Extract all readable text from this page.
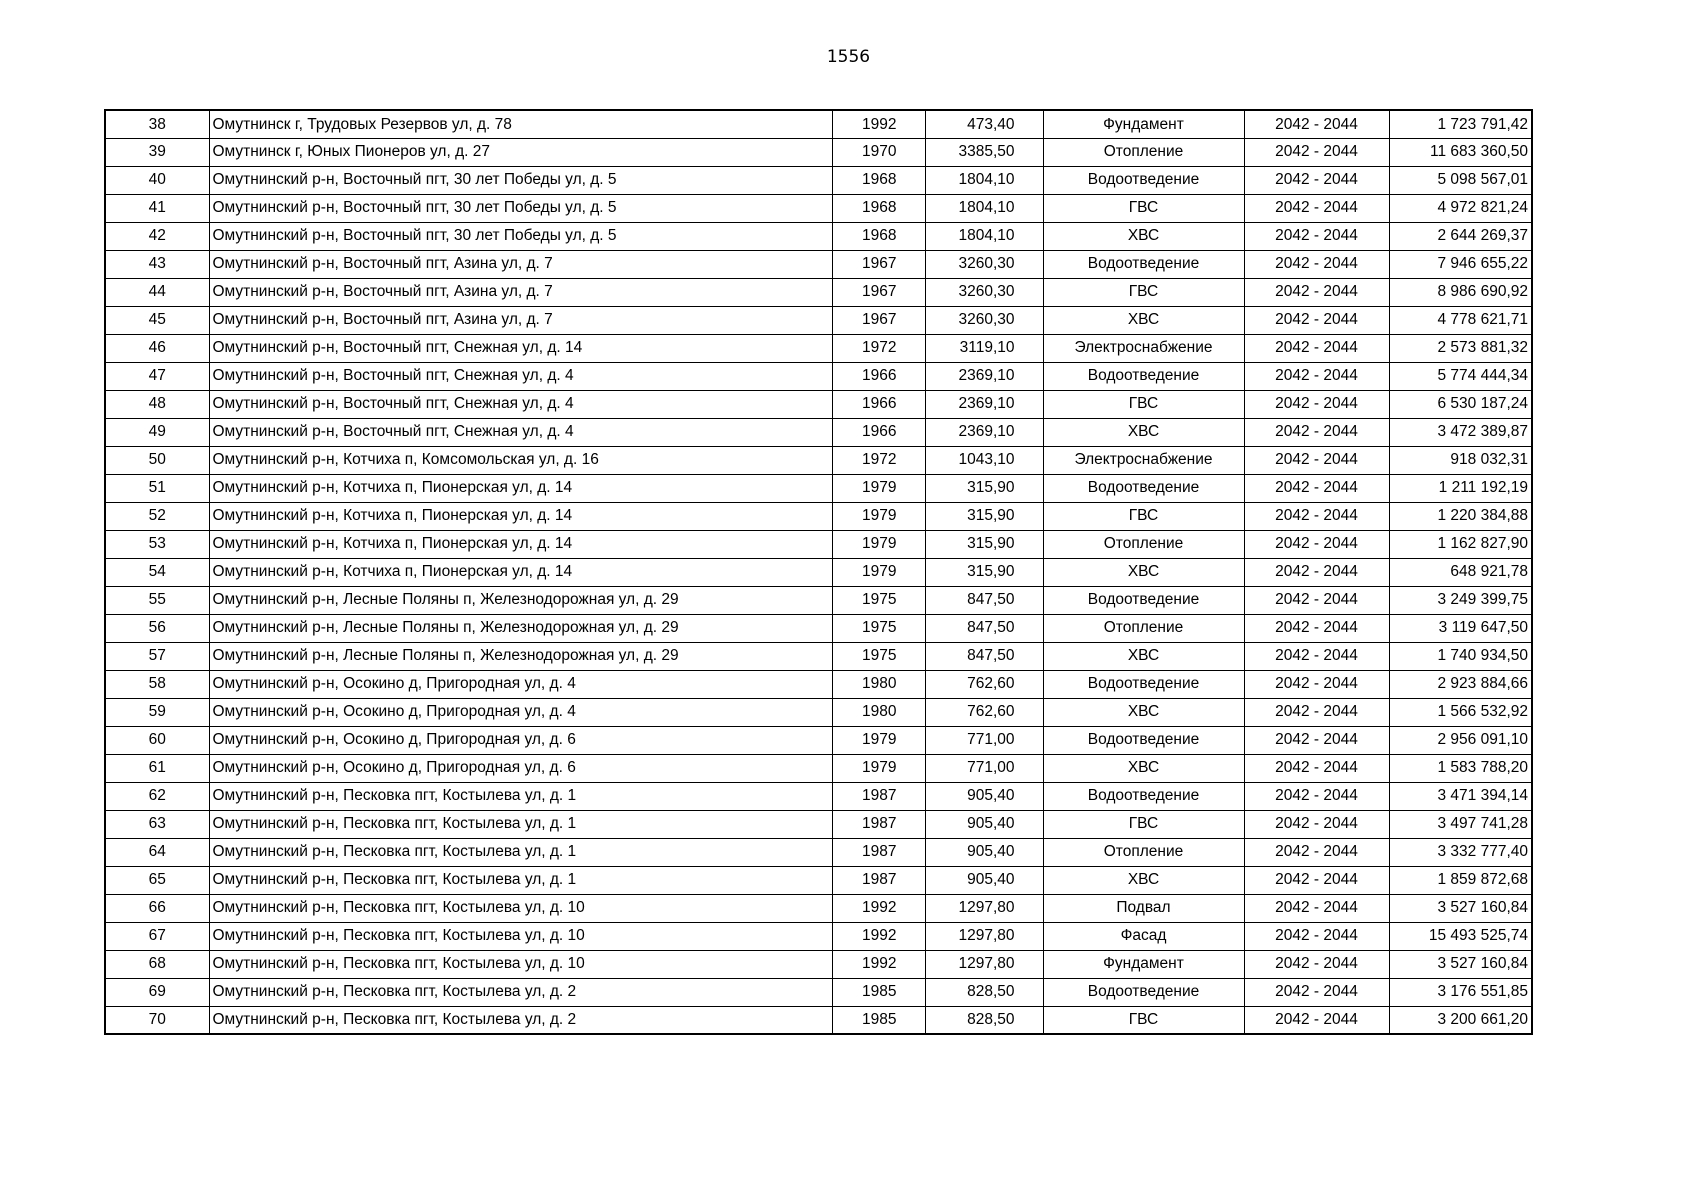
1556
38	Омутнинск г, Трудовых Резервов ул, д. 78	1992	473,40	Фундамент	2042 - 2044	1 723 791,42
39	Омутнинск г, Юных Пионеров ул, д. 27	1970	3385,50	Отопление	2042 - 2044	11 683 360,50
40	Омутнинский р-н, Восточный пгт, 30 лет Победы ул, д. 5	1968	1804,10	Водоотведение	2042 - 2044	5 098 567,01
41	Омутнинский р-н, Восточный пгт, 30 лет Победы ул, д. 5	1968	1804,10	ГВС	2042 - 2044	4 972 821,24
42	Омутнинский р-н, Восточный пгт, 30 лет Победы ул, д. 5	1968	1804,10	ХВС	2042 - 2044	2 644 269,37
43	Омутнинский р-н, Восточный пгт, Азина ул, д. 7	1967	3260,30	Водоотведение	2042 - 2044	7 946 655,22
44	Омутнинский р-н, Восточный пгт, Азина ул, д. 7	1967	3260,30	ГВС	2042 - 2044	8 986 690,92
45	Омутнинский р-н, Восточный пгт, Азина ул, д. 7	1967	3260,30	ХВС	2042 - 2044	4 778 621,71
46	Омутнинский р-н, Восточный пгт, Снежная ул, д. 14	1972	3119,10	Электроснабжение	2042 - 2044	2 573 881,32
47	Омутнинский р-н, Восточный пгт, Снежная ул, д. 4	1966	2369,10	Водоотведение	2042 - 2044	5 774 444,34
48	Омутнинский р-н, Восточный пгт, Снежная ул, д. 4	1966	2369,10	ГВС	2042 - 2044	6 530 187,24
49	Омутнинский р-н, Восточный пгт, Снежная ул, д. 4	1966	2369,10	ХВС	2042 - 2044	3 472 389,87
50	Омутнинский р-н, Котчиха п, Комсомольская ул, д. 16	1972	1043,10	Электроснабжение	2042 - 2044	918 032,31
51	Омутнинский р-н, Котчиха п, Пионерская ул, д. 14	1979	315,90	Водоотведение	2042 - 2044	1 211 192,19
52	Омутнинский р-н, Котчиха п, Пионерская ул, д. 14	1979	315,90	ГВС	2042 - 2044	1 220 384,88
53	Омутнинский р-н, Котчиха п, Пионерская ул, д. 14	1979	315,90	Отопление	2042 - 2044	1 162 827,90
54	Омутнинский р-н, Котчиха п, Пионерская ул, д. 14	1979	315,90	ХВС	2042 - 2044	648 921,78
55	Омутнинский р-н, Лесные Поляны п, Железнодорожная ул, д. 29	1975	847,50	Водоотведение	2042 - 2044	3 249 399,75
56	Омутнинский р-н, Лесные Поляны п, Железнодорожная ул, д. 29	1975	847,50	Отопление	2042 - 2044	3 119 647,50
57	Омутнинский р-н, Лесные Поляны п, Железнодорожная ул, д. 29	1975	847,50	ХВС	2042 - 2044	1 740 934,50
58	Омутнинский р-н, Осокино д, Пригородная ул, д. 4	1980	762,60	Водоотведение	2042 - 2044	2 923 884,66
59	Омутнинский р-н, Осокино д, Пригородная ул, д. 4	1980	762,60	ХВС	2042 - 2044	1 566 532,92
60	Омутнинский р-н, Осокино д, Пригородная ул, д. 6	1979	771,00	Водоотведение	2042 - 2044	2 956 091,10
61	Омутнинский р-н, Осокино д, Пригородная ул, д. 6	1979	771,00	ХВС	2042 - 2044	1 583 788,20
62	Омутнинский р-н, Песковка пгт, Костылева ул, д. 1	1987	905,40	Водоотведение	2042 - 2044	3 471 394,14
63	Омутнинский р-н, Песковка пгт, Костылева ул, д. 1	1987	905,40	ГВС	2042 - 2044	3 497 741,28
64	Омутнинский р-н, Песковка пгт, Костылева ул, д. 1	1987	905,40	Отопление	2042 - 2044	3 332 777,40
65	Омутнинский р-н, Песковка пгт, Костылева ул, д. 1	1987	905,40	ХВС	2042 - 2044	1 859 872,68
66	Омутнинский р-н, Песковка пгт, Костылева ул, д. 10	1992	1297,80	Подвал	2042 - 2044	3 527 160,84
67	Омутнинский р-н, Песковка пгт, Костылева ул, д. 10	1992	1297,80	Фасад	2042 - 2044	15 493 525,74
68	Омутнинский р-н, Песковка пгт, Костылева ул, д. 10	1992	1297,80	Фундамент	2042 - 2044	3 527 160,84
69	Омутнинский р-н, Песковка пгт, Костылева ул, д. 2	1985	828,50	Водоотведение	2042 - 2044	3 176 551,85
70	Омутнинский р-н, Песковка пгт, Костылева ул, д. 2	1985	828,50	ГВС	2042 - 2044	3 200 661,20
